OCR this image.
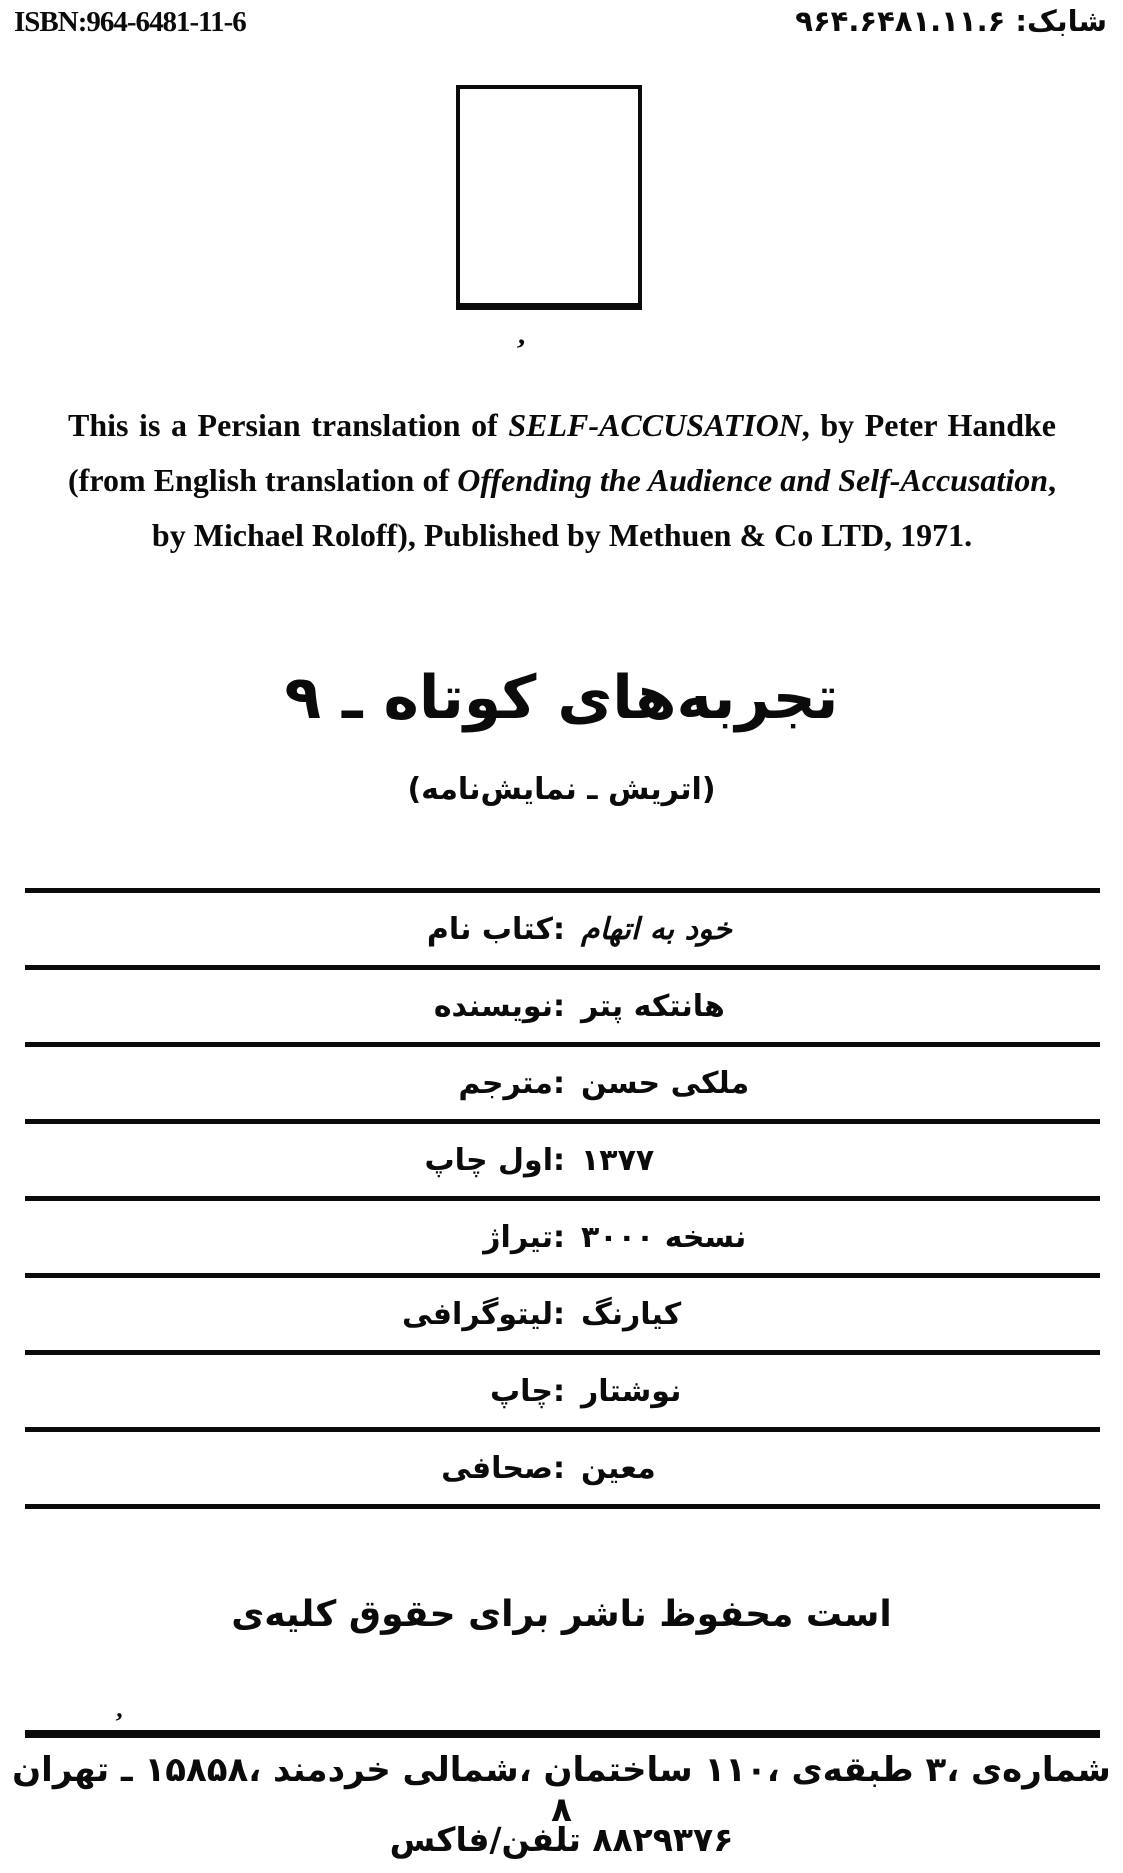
ISBN:964-6481-11-6	شابک: ۹۶۴.۶۴۸۱.۱۱.۶
‚

This is a Persian translation of SELF-ACCUSATION, by Peter Handke (from English translation of Offending the Audience and Self-Accusation, by Michael Roloff), Published by Methuen & Co LTD, 1971.

تجربه‌های کوتاه ـ ۹
(نمایش‌نامه ‎ـ ‎اتریش)
نام ‎کتاب: اتهام ‎به ‎خود
نویسنده: پتر ‎هانتکه
مترجم: حسن ‎ملکی
چاپ ‎اول: ۱۳۷۷
تیراژ: ۳۰۰۰ ‎نسخه
لیتوگرافی: کیارنگ
چاپ: نوشتار
صحافی: معین
کلیه‌ی ‎حقوق ‎برای ‎ناشر ‎محفوظ ‎است
‚
تهران ‎ـ ‎۱۵۸۵۸، ‎خردمند ‎شمالی، ‎ساختمان ‎۱۱۰، ‎طبقه‌ی ‎۳، ‎شماره‌ی ‎۸
تلفن/فاکس ‎۸۸۲۹۳۷۶
